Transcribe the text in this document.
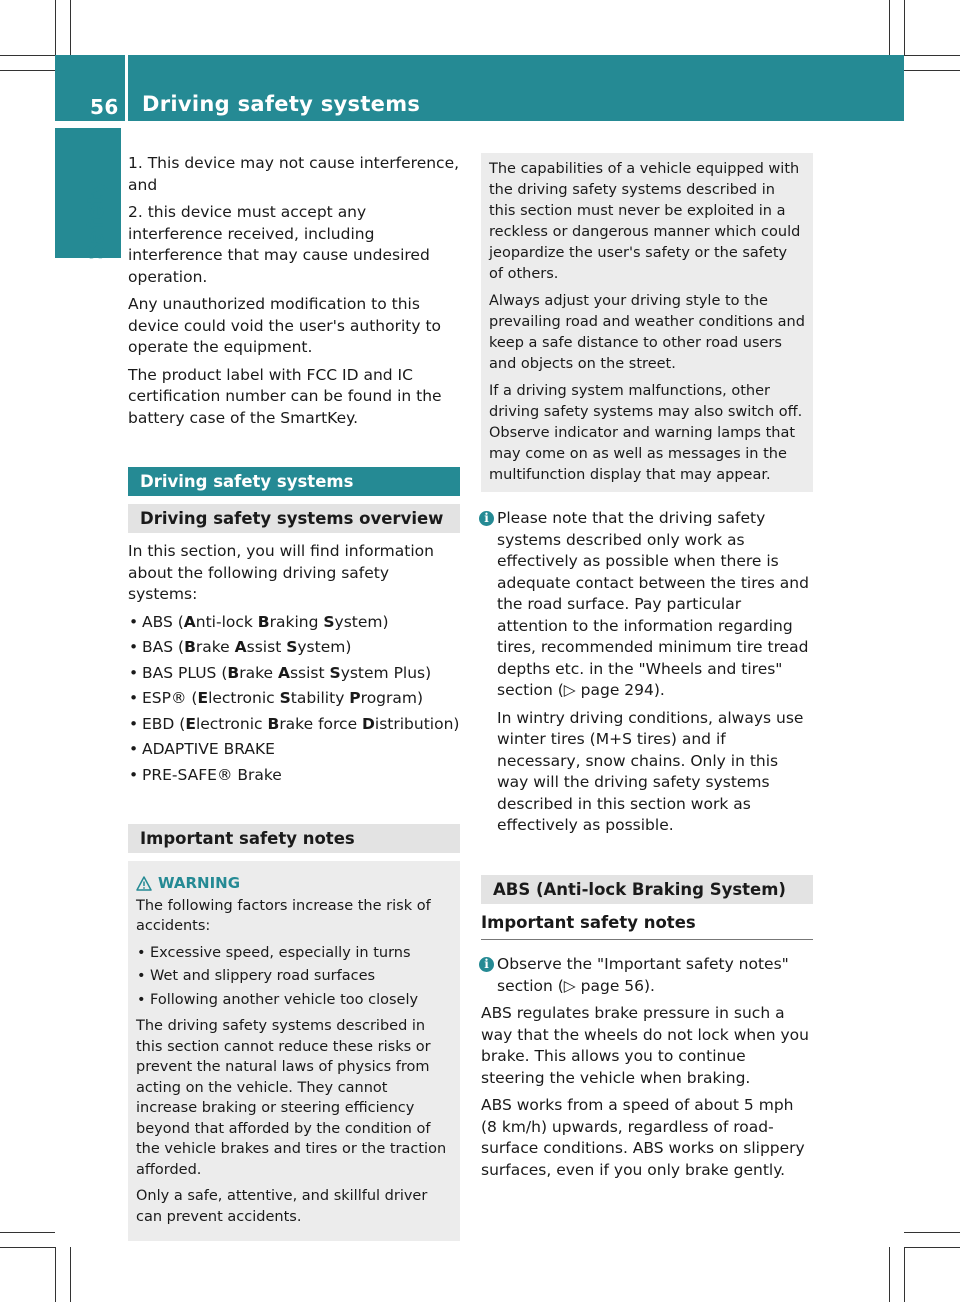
56 Driving safety systems
Safety

1. This device may not cause interference, and

2. this device must accept any interference received, including interference that may cause undesired operation.

Any unauthorized modification to this device could void the user's authority to operate the equipment.

The product label with FCC ID and IC certification number can be found in the battery case of the SmartKey.

Driving safety systems
Driving safety systems overview

In this section, you will find information about the following driving safety systems:

• ABS (Anti-lock Braking System)
• BAS (Brake Assist System)
• BAS PLUS (Brake Assist System Plus)
• ESP® (Electronic Stability Program)
• EBD (Electronic Brake force Distribution)
• ADAPTIVE BRAKE
• PRE-SAFE® Brake
Important safety notes
WARNING

The following factors increase the risk of accidents:

• Excessive speed, especially in turns
• Wet and slippery road surfaces
• Following another vehicle too closely

The driving safety systems described in this section cannot reduce these risks or prevent the natural laws of physics from acting on the vehicle. They cannot increase braking or steering efficiency beyond that afforded by the condition of the vehicle brakes and tires or the traction afforded.

Only a safe, attentive, and skillful driver can prevent accidents.

The capabilities of a vehicle equipped with the driving safety systems described in this section must never be exploited in a reckless or dangerous manner which could jeopardize the user's safety or the safety of others.

Always adjust your driving style to the prevailing road and weather conditions and keep a safe distance to other road users and objects on the street.

If a driving system malfunctions, other driving safety systems may also switch off. Observe indicator and warning lamps that may come on as well as messages in the multifunction display that may appear.

i Please note that the driving safety systems described only work as effectively as possible when there is adequate contact between the tires and the road surface. Pay particular attention to the information regarding tires, recommended minimum tire tread depths etc. in the "Wheels and tires" section (▷ page 294).

In wintry driving conditions, always use winter tires (M+S tires) and if necessary, snow chains. Only in this way will the driving safety systems described in this section work as effectively as possible.

ABS (Anti-lock Braking System)
Important safety notes
i Observe the "Important safety notes" section (▷ page 56).

ABS regulates brake pressure in such a way that the wheels do not lock when you brake. This allows you to continue steering the vehicle when braking.

ABS works from a speed of about 5 mph (8 km/h) upwards, regardless of road-surface conditions. ABS works on slippery surfaces, even if you only brake gently.
